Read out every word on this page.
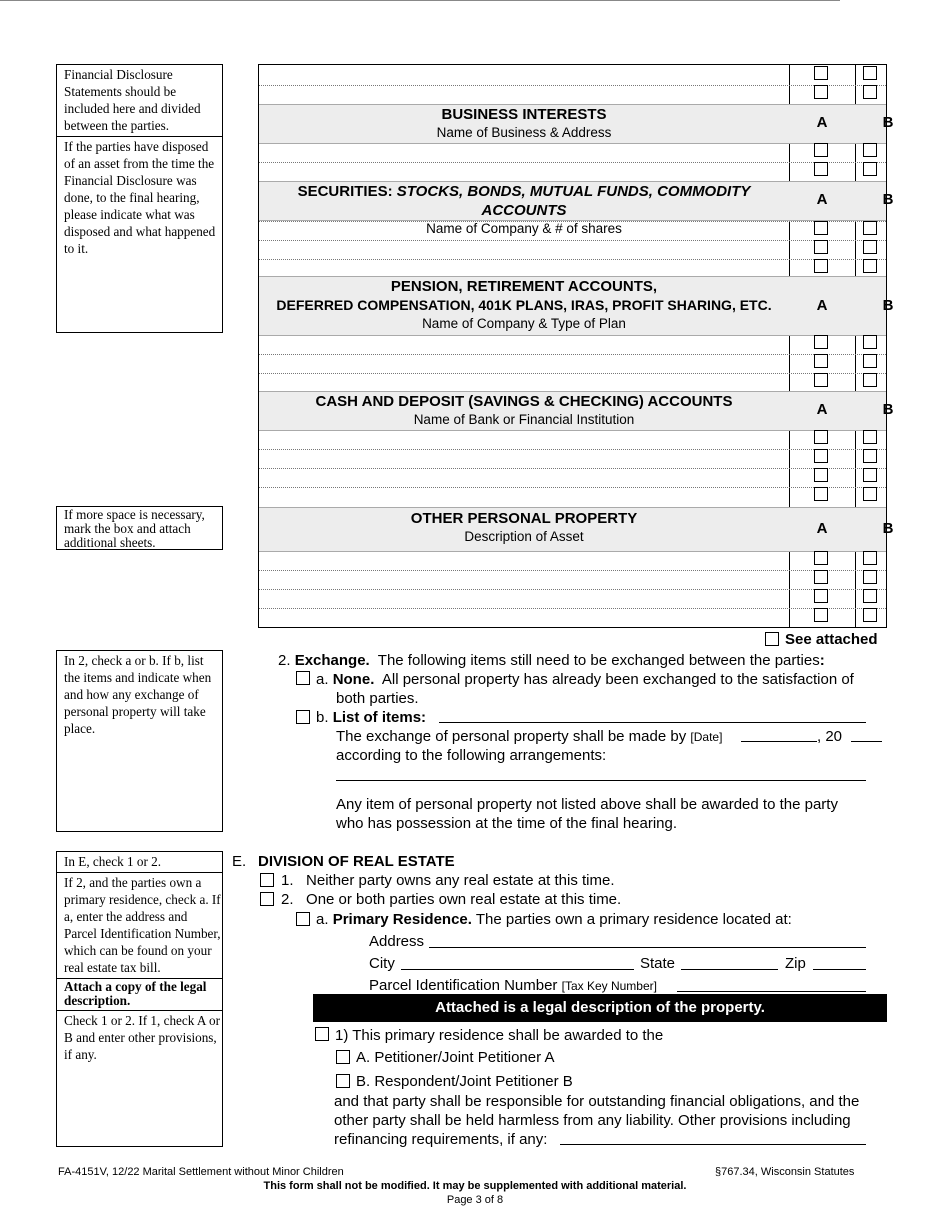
Financial Disclosure Statements should be included here and divided between the parties.
If the parties have disposed of an asset from the time the Financial Disclosure was done, to the final hearing, please indicate what was disposed and what happened to it.
If more space is necessary, mark the box and attach additional sheets.
In 2, check a or b. If b, list the items and indicate when and how any exchange of personal property will take place.
In E, check 1 or 2.
If 2, and the parties own a primary residence, check a. If a, enter the address and Parcel Identification Number, which can be found on your real estate tax bill.
Attach a copy of the legal description.
Check 1 or 2. If 1, check A or B and enter other provisions, if any.
BUSINESS INTERESTS
Name of Business & Address
A	B
SECURITIES: STOCKS, BONDS, MUTUAL FUNDS, COMMODITY ACCOUNTS
Name of Company & # of shares
A	B
PENSION, RETIREMENT ACCOUNTS,
DEFERRED COMPENSATION, 401K PLANS, IRAS, PROFIT SHARING, ETC.
Name of Company & Type of Plan
A	B
CASH AND DEPOSIT (SAVINGS & CHECKING) ACCOUNTS
Name of Bank or Financial Institution
A	B
OTHER PERSONAL PROPERTY
Description of Asset	A	B
See attached
2. Exchange. The following items still need to be exchanged between the parties:
a. None. All personal property has already been exchanged to the satisfaction of
both parties.
b. List of items:
The exchange of personal property shall be made by [Date]	, 20
according to the following arrangements:
Any item of personal property not listed above shall be awarded to the party
who has possession at the time of the final hearing.
E. DIVISION OF REAL ESTATE
1. Neither party owns any real estate at this time.
2. One or both parties own real estate at this time.
a. Primary Residence. The parties own a primary residence located at:
Address
City	State	Zip
Parcel Identification Number [Tax Key Number]
Attached is a legal description of the property.
1) This primary residence shall be awarded to the
A. Petitioner/Joint Petitioner A
B. Respondent/Joint Petitioner B
and that party shall be responsible for outstanding financial obligations, and the
other party shall be held harmless from any liability. Other provisions including
refinancing requirements, if any:
FA-4151V, 12/22 Marital Settlement without Minor Children	§767.34, Wisconsin Statutes
This form shall not be modified. It may be supplemented with additional material.
Page 3 of 8
